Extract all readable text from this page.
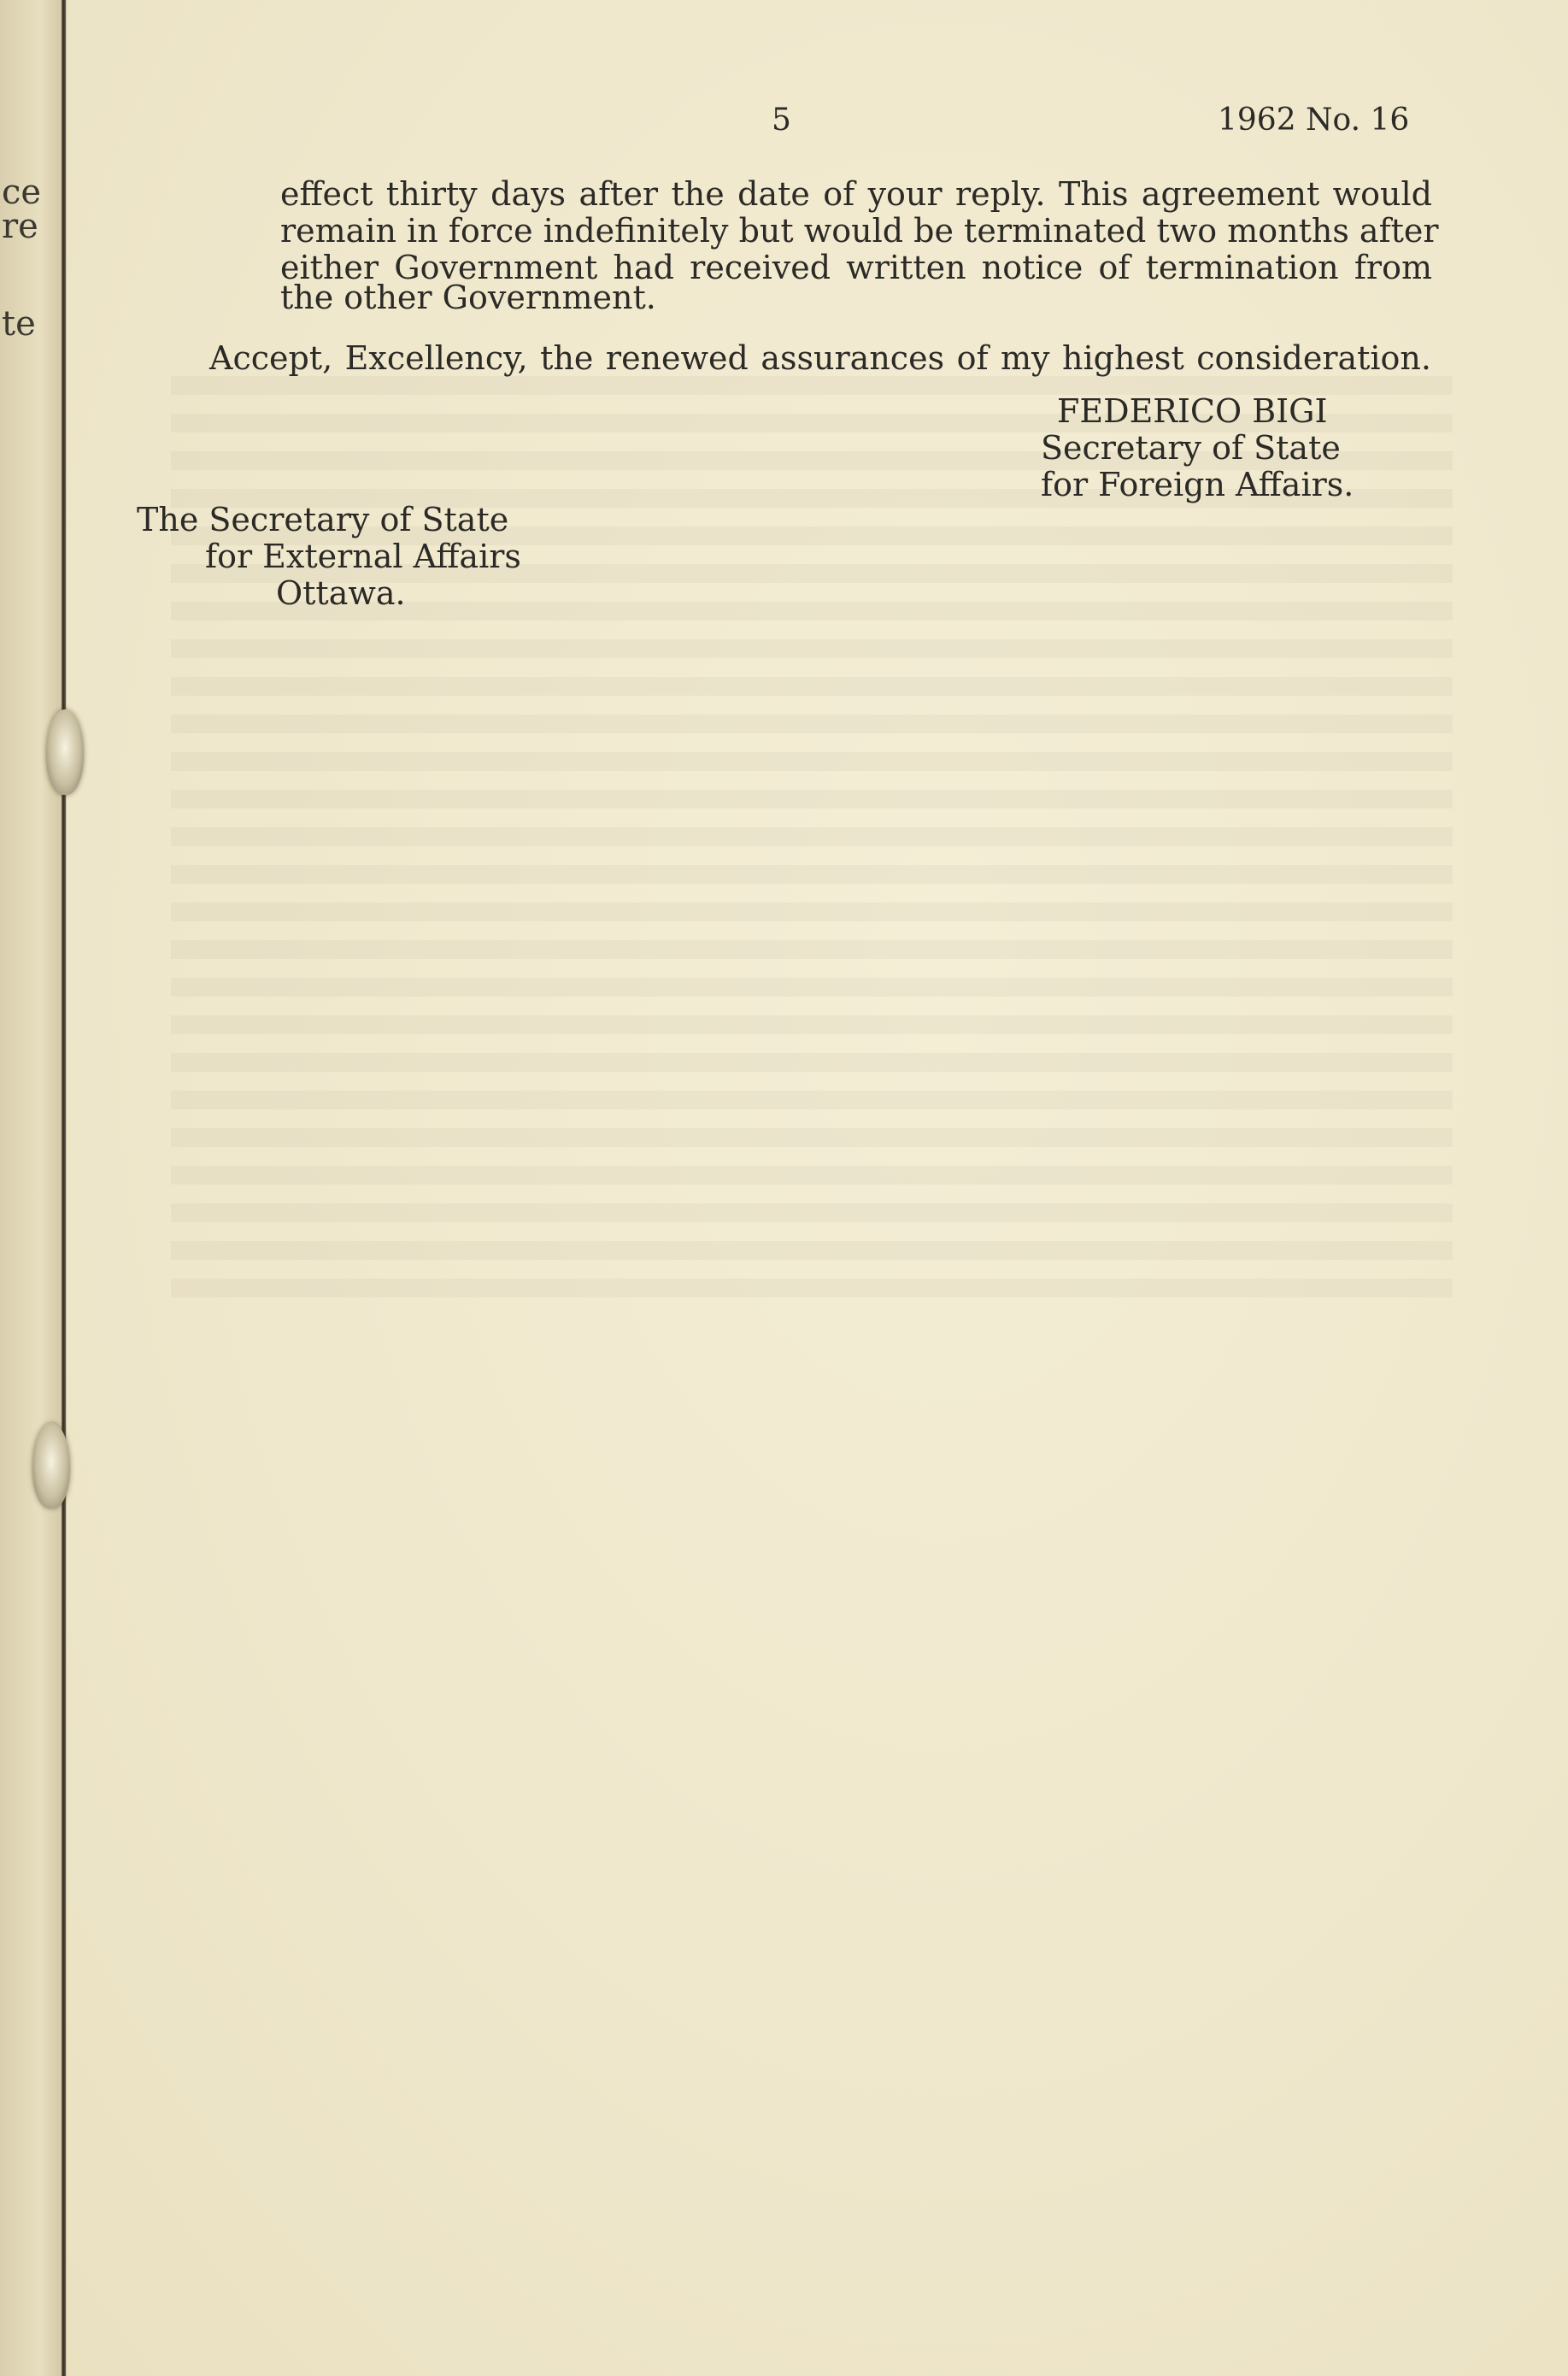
ce
re
te
5	1962 No. 16
effect thirty days after the date of your reply. This agreement would
remain in force indefinitely but would be terminated two months after
either Government had received written notice of termination from
the other Government.
Accept, Excellency, the renewed assurances of my highest consideration.
FEDERICO BIGI
Secretary of State
for Foreign Affairs.
The Secretary of State
for External Affairs
Ottawa.
